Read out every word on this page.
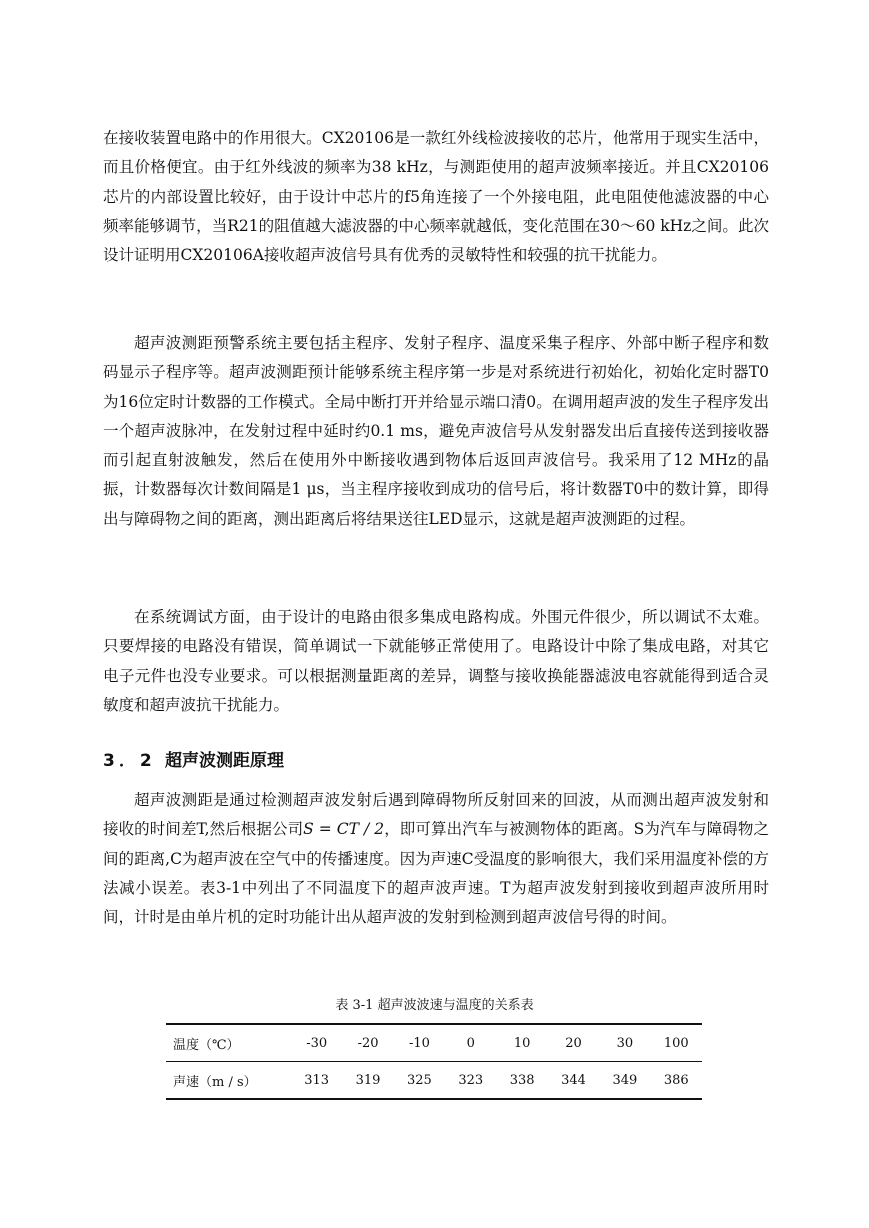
在接收装置电路中的作用很大。CX20106是一款红外线检波接收的芯片，他常用于现实生活中，而且价格便宜。由于红外线波的频率为38 kHz，与测距使用的超声波频率接近。并且CX20106芯片的内部设置比较好，由于设计中芯片的f5角连接了一个外接电阻，此电阻使他滤波器的中心频率能够调节，当R21的阻值越大滤波器的中心频率就越低，变化范围在30～60 kHz之间。此次设计证明用CX20106A接收超声波信号具有优秀的灵敏特性和较强的抗干扰能力。

超声波测距预警系统主要包括主程序、发射子程序、温度采集子程序、外部中断子程序和数码显示子程序等。超声波测距预计能够系统主程序第一步是对系统进行初始化，初始化定时器T0为16位定时计数器的工作模式。全局中断打开并给显示端口清0。在调用超声波的发生子程序发出一个超声波脉冲，在发射过程中延时约0.1 ms，避免声波信号从发射器发出后直接传送到接收器而引起直射波触发，然后在使用外中断接收遇到物体后返回声波信号。我采用了12 MHz的晶振，计数器每次计数间隔是1 μs，当主程序接收到成功的信号后，将计数器T0中的数计算，即得出与障碍物之间的距离，测出距离后将结果送往LED显示，这就是超声波测距的过程。

在系统调试方面，由于设计的电路由很多集成电路构成。外围元件很少，所以调试不太难。只要焊接的电路没有错误，简单调试一下就能够正常使用了。电路设计中除了集成电路，对其它电子元件也没专业要求。可以根据测量距离的差异，调整与接收换能器滤波电容就能得到适合灵敏度和超声波抗干扰能力。

3．2 超声波测距原理

超声波测距是通过检测超声波发射后遇到障碍物所反射回来的回波，从而测出超声波发射和接收的时间差T,然后根据公司S = CT / 2，即可算出汽车与被测物体的距离。S为汽车与障碍物之间的距离,C为超声波在空气中的传播速度。因为声速C受温度的影响很大，我们采用温度补偿的方法减小误差。表3-1中列出了不同温度下的超声波声速。T为超声波发射到接收到超声波所用时间，计时是由单片机的定时功能计出从超声波的发射到检测到超声波信号得的时间。

表 3-1 超声波波速与温度的关系表

温度（℃）	-30	-20	-10	0	10	20	30	100
声速（m / s）	313	319	325	323	338	344	349	386
